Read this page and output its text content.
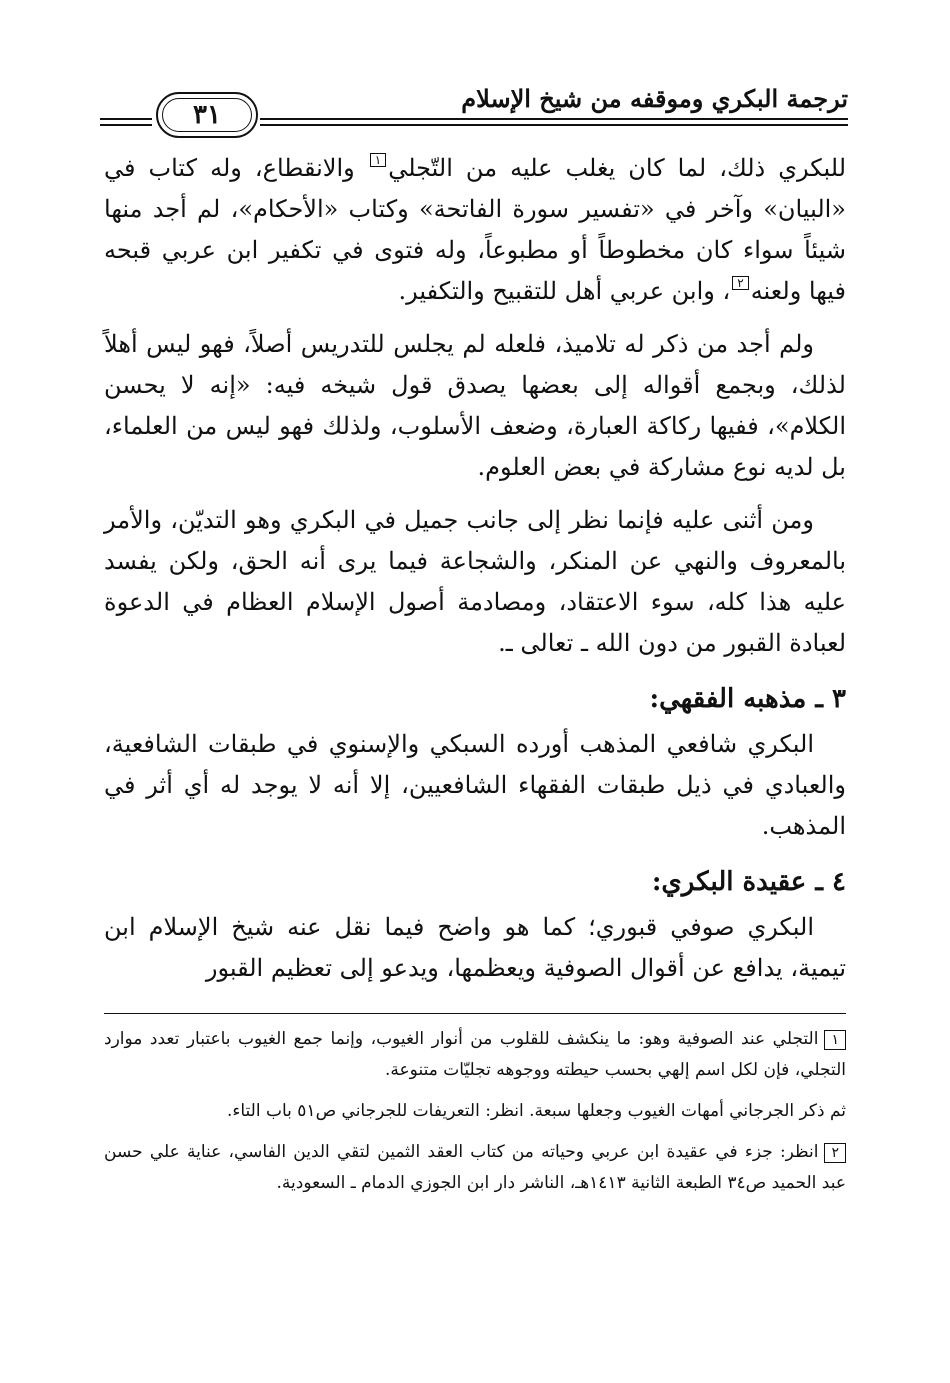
ترجمة البكري وموقفه من شيخ الإسلام
٣١

للبكري ذلك، لما كان يغلب عليه من التّجلي١ والانقطاع، وله كتاب في «البيان» وآخر في «تفسير سورة الفاتحة» وكتاب «الأحكام»، لم أجد منها شيئاً سواء كان مخطوطاً أو مطبوعاً، وله فتوى في تكفير ابن عربي قبحه فيها ولعنه٢، وابن عربي أهل للتقبيح والتكفير.

ولم أجد من ذكر له تلاميذ، فلعله لم يجلس للتدريس أصلاً، فهو ليس أهلاً لذلك، وبجمع أقواله إلى بعضها يصدق قول شيخه فيه: «إنه لا يحسن الكلام»، ففيها ركاكة العبارة، وضعف الأسلوب، ولذلك فهو ليس من العلماء، بل لديه نوع مشاركة في بعض العلوم.

ومن أثنى عليه فإنما نظر إلى جانب جميل في البكري وهو التديّن، والأمر بالمعروف والنهي عن المنكر، والشجاعة فيما يرى أنه الحق، ولكن يفسد عليه هذا كله، سوء الاعتقاد، ومصادمة أصول الإسلام العظام في الدعوة لعبادة القبور من دون الله ـ تعالى ـ.

٣ ـ مذهبه الفقهي:

البكري شافعي المذهب أورده السبكي والإسنوي في طبقات الشافعية، والعبادي في ذيل طبقات الفقهاء الشافعيين، إلا أنه لا يوجد له أي أثر في المذهب.

٤ ـ عقيدة البكري:

البكري صوفي قبوري؛ كما هو واضح فيما نقل عنه شيخ الإسلام ابن تيمية، يدافع عن أقوال الصوفية ويعظمها، ويدعو إلى تعظيم القبور

١التجلي عند الصوفية وهو: ما ينكشف للقلوب من أنوار الغيوب، وإنما جمع الغيوب باعتبار تعدد موارد التجلي، فإن لكل اسم إلهي بحسب حيطته ووجوهه تجليّات متنوعة.

ثم ذكر الجرجاني أمهات الغيوب وجعلها سبعة. انظر: التعريفات للجرجاني ص٥١ باب التاء.

٢انظر: جزء في عقيدة ابن عربي وحياته من كتاب العقد الثمين لتقي الدين الفاسي، عناية علي حسن عبد الحميد ص٣٤ الطبعة الثانية ١٤١٣هـ، الناشر دار ابن الجوزي الدمام ـ السعودية.
